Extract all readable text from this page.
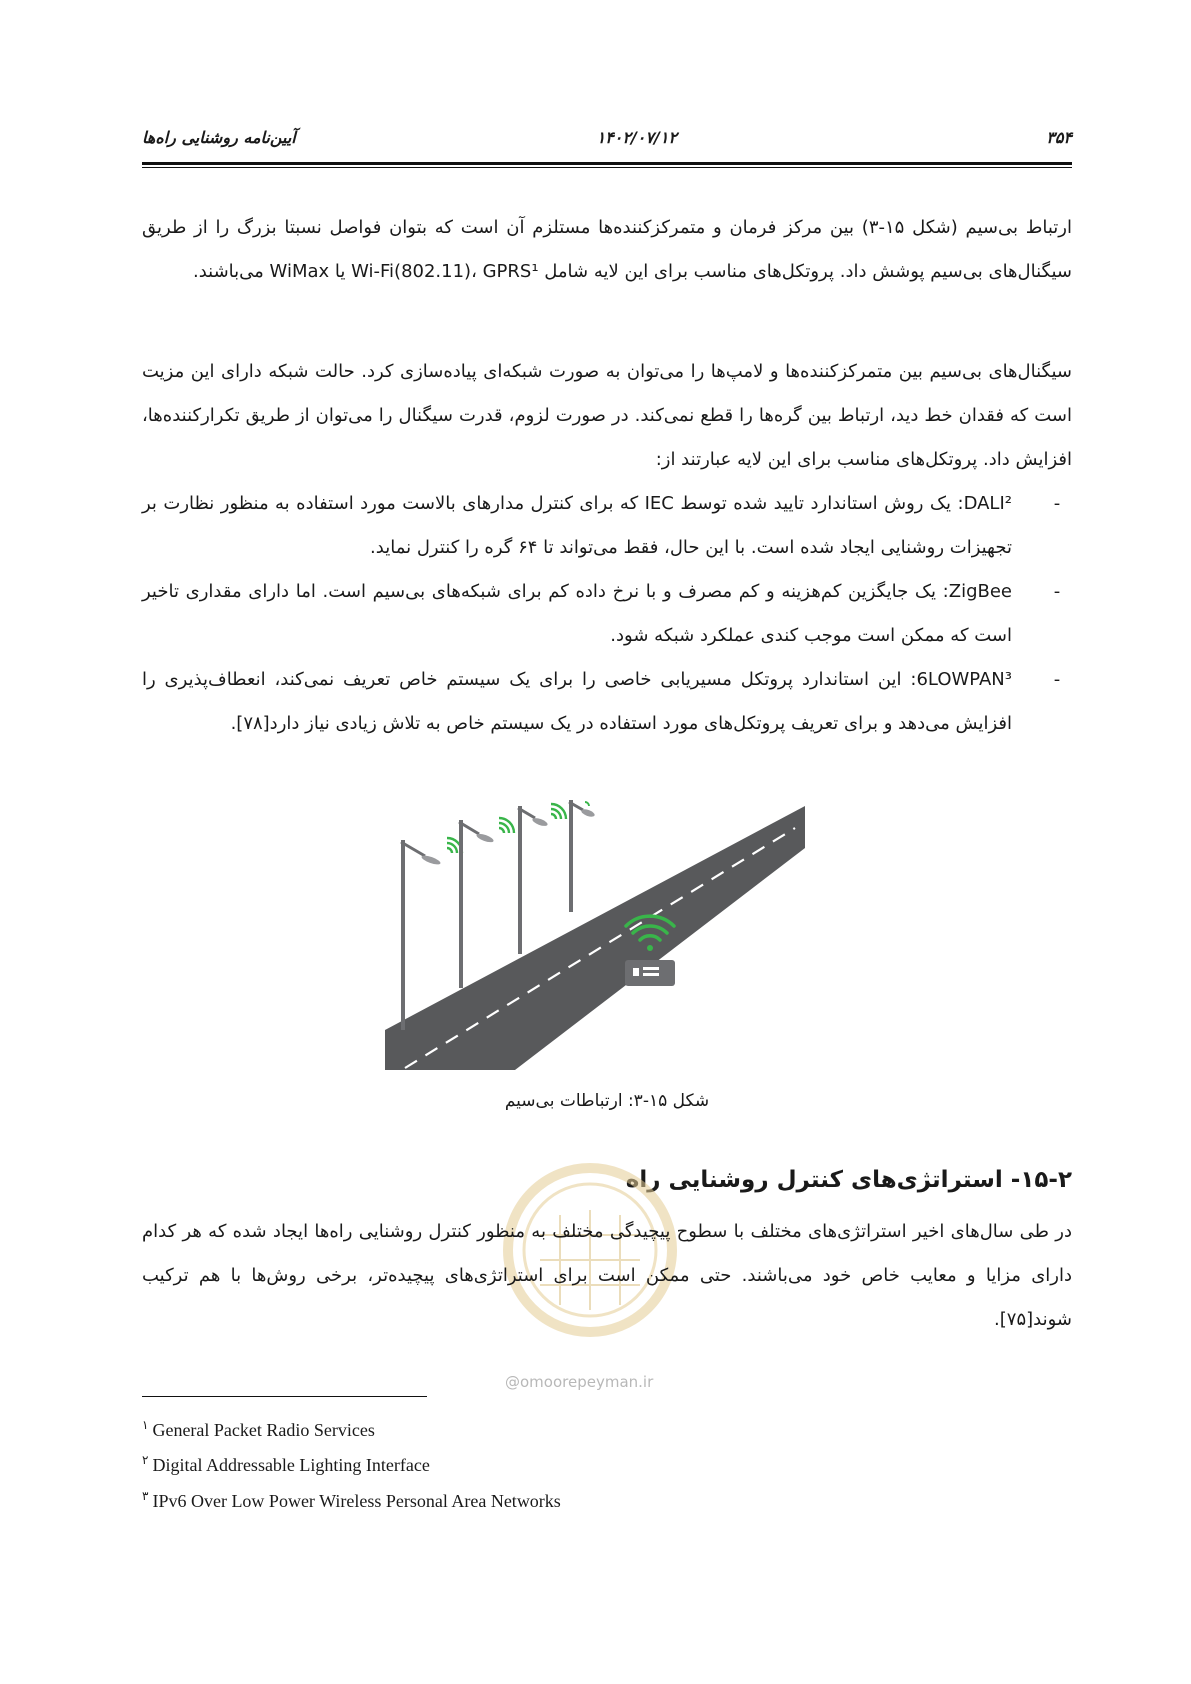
۳۵۴
۱۴۰۲/۰۷/۱۲
آیین‌نامه روشنایی راه‌ها

ارتباط بی‌سیم (شکل ۱۵-۳) بین مرکز فرمان و متمرکزکننده‌ها مستلزم آن است که بتوان فواصل نسبتا بزرگ را از طریق سیگنال‌های بی‌سیم پوشش داد. پروتکل‌های مناسب برای این لایه شامل Wi-Fi(802.11)، GPRS¹ یا WiMax می‌باشند.

سیگنال‌های بی‌سیم بین متمرکزکننده‌ها و لامپ‌ها را می‌توان به صورت شبکه‌ای پیاده‌سازی کرد. حالت شبکه دارای این مزیت است که فقدان خط دید، ارتباط بین گره‌ها را قطع نمی‌کند. در صورت لزوم، قدرت سیگنال را می‌توان از طریق تکرارکننده‌ها، افزایش داد. پروتکل‌های مناسب برای این لایه عبارتند از:

-
DALI²: یک روش استاندارد تایید شده توسط IEC که برای کنترل مدارهای بالاست مورد استفاده به منظور نظارت بر تجهیزات روشنایی ایجاد شده است. با این حال، فقط می‌تواند تا ۶۴ گره را کنترل نماید.
-
ZigBee: یک جایگزین کم‌هزینه و کم مصرف و با نرخ داده کم برای شبکه‌های بی‌سیم است. اما دارای مقداری تاخیر است که ممکن است موجب کندی عملکرد شبکه شود.
-
6LOWPAN³: این استاندارد پروتکل مسیریابی خاصی را برای یک سیستم خاص تعریف نمی‌کند، انعطاف‌پذیری را افزایش می‌دهد و برای تعریف پروتکل‌های مورد استفاده در یک سیستم خاص به تلاش زیادی نیاز دارد[۷۸].
شکل ۱۵-۳: ارتباطات بی‌سیم
۱۵-۲- استراتژی‌های کنترل روشنایی راه

در طی سال‌های اخیر استراتژی‌های مختلف با سطوح پیچیدگی مختلف به منظور کنترل روشنایی راه‌ها ایجاد شده که هر کدام دارای مزایا و معایب خاص خود می‌باشند. حتی ممکن است برای استراتژی‌های پیچیده‌تر، برخی روش‌ها با هم ترکیب شوند[۷۵].

@omoorepeyman.ir
$^۱$ General Packet Radio Services
$^۲$ Digital Addressable Lighting Interface
$^۳$ IPv6 Over Low Power Wireless Personal Area Networks
